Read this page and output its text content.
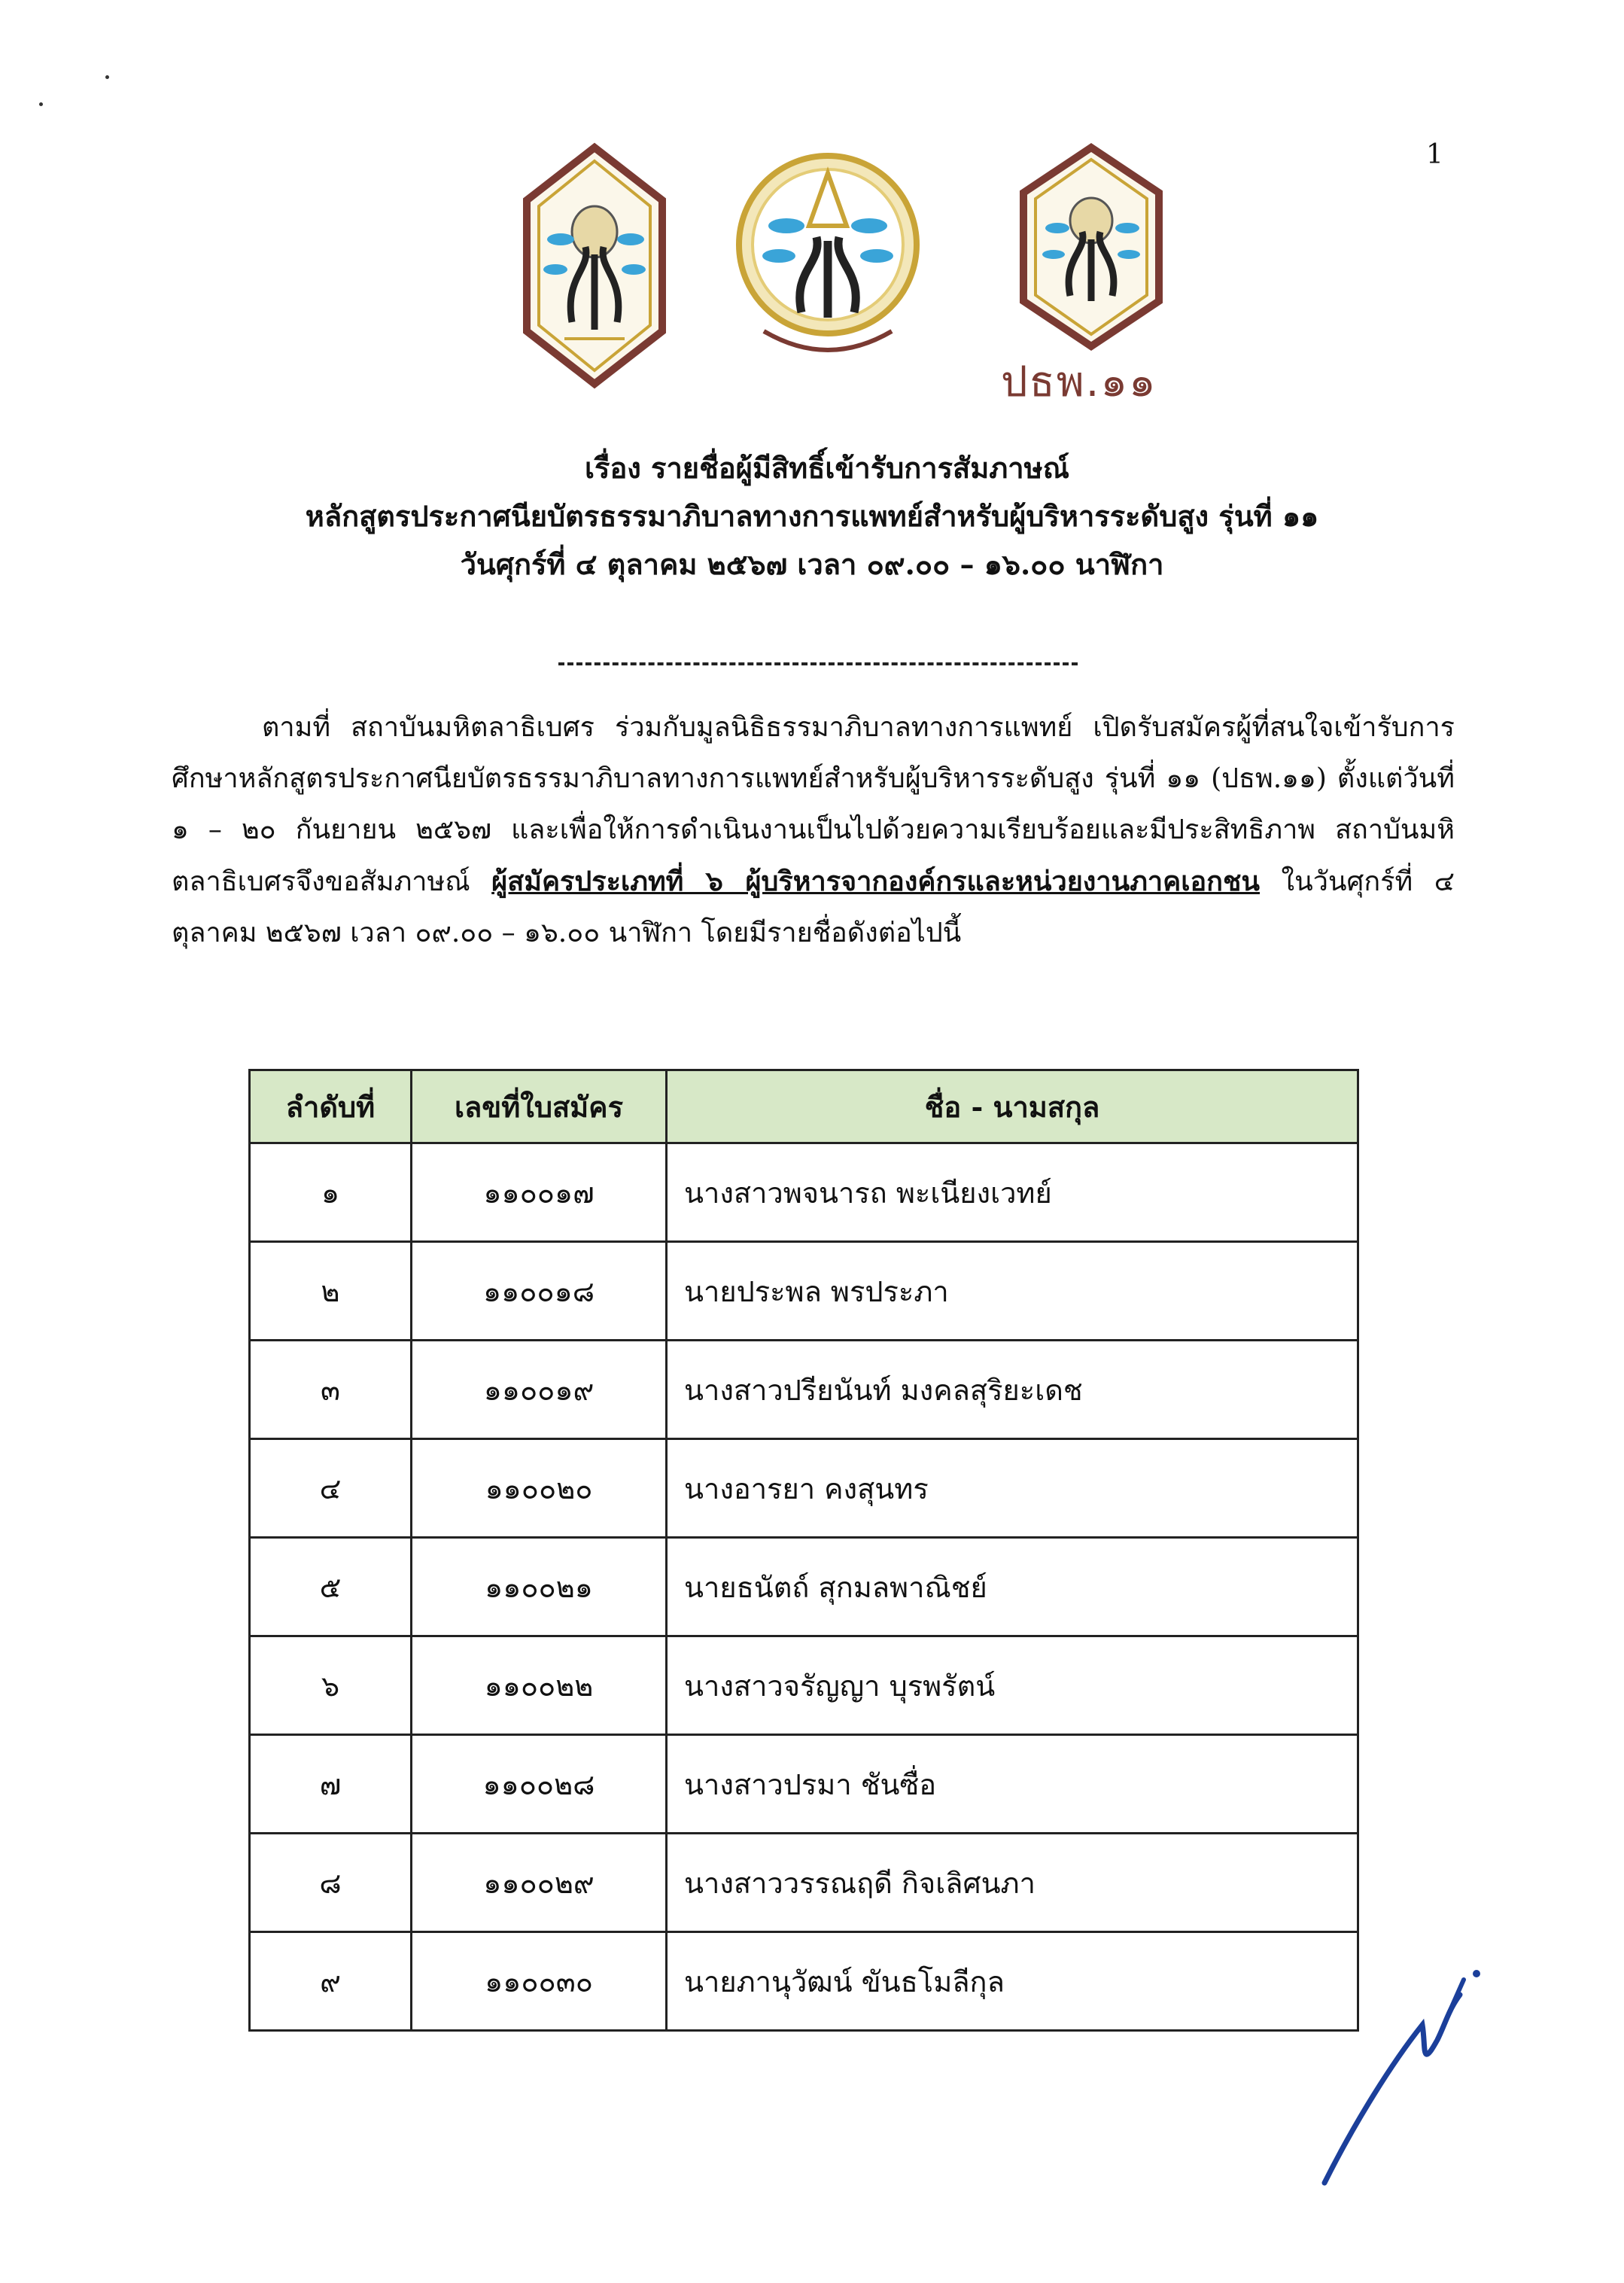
1
ปธพ.๑๑
เรื่อง รายชื่อผู้มีสิทธิ์เข้ารับการสัมภาษณ์
หลักสูตรประกาศนียบัตรธรรมาภิบาลทางการแพทย์สำหรับผู้บริหารระดับสูง รุ่นที่ ๑๑
วันศุกร์ที่ ๔ ตุลาคม ๒๕๖๗ เวลา ๐๙.๐๐ – ๑๖.๐๐ นาฬิกา
ตามที่ สถาบันมหิตลาธิเบศร ร่วมกับมูลนิธิธรรมาภิบาลทางการแพทย์ เปิดรับสมัครผู้ที่สนใจเข้ารับการศึกษาหลักสูตรประกาศนียบัตรธรรมาภิบาลทางการแพทย์สำหรับผู้บริหารระดับสูง รุ่นที่ ๑๑ (ปธพ.๑๑) ตั้งแต่วันที่ ๑ – ๒๐ กันยายน ๒๕๖๗ และเพื่อให้การดำเนินงานเป็นไปด้วยความเรียบร้อยและมีประสิทธิภาพ สถาบันมหิตลาธิเบศรจึงขอสัมภาษณ์ ผู้สมัครประเภทที่ ๖ ผู้บริหารจากองค์กรและหน่วยงานภาคเอกชน ในวันศุกร์ที่ ๔ ตุลาคม ๒๕๖๗ เวลา ๐๙.๐๐ – ๑๖.๐๐ นาฬิกา โดยมีรายชื่อดังต่อไปนี้
ลำดับที่	เลขที่ใบสมัคร	ชื่อ - นามสกุล
๑	๑๑๐๐๑๗	นางสาวพจนารถ พะเนียงเวทย์
๒	๑๑๐๐๑๘	นายประพล พรประภา
๓	๑๑๐๐๑๙	นางสาวปรียนันท์ มงคลสุริยะเดช
๔	๑๑๐๐๒๐	นางอารยา คงสุนทร
๕	๑๑๐๐๒๑	นายธนัตถ์ สุกมลพาณิชย์
๖	๑๑๐๐๒๒	นางสาวจรัญญา บุรพรัตน์
๗	๑๑๐๐๒๘	นางสาวปรมา ชันซื่อ
๘	๑๑๐๐๒๙	นางสาววรรณฤดี กิจเลิศนภา
๙	๑๑๐๐๓๐	นายภานุวัฒน์ ขันธโมลีกุล
